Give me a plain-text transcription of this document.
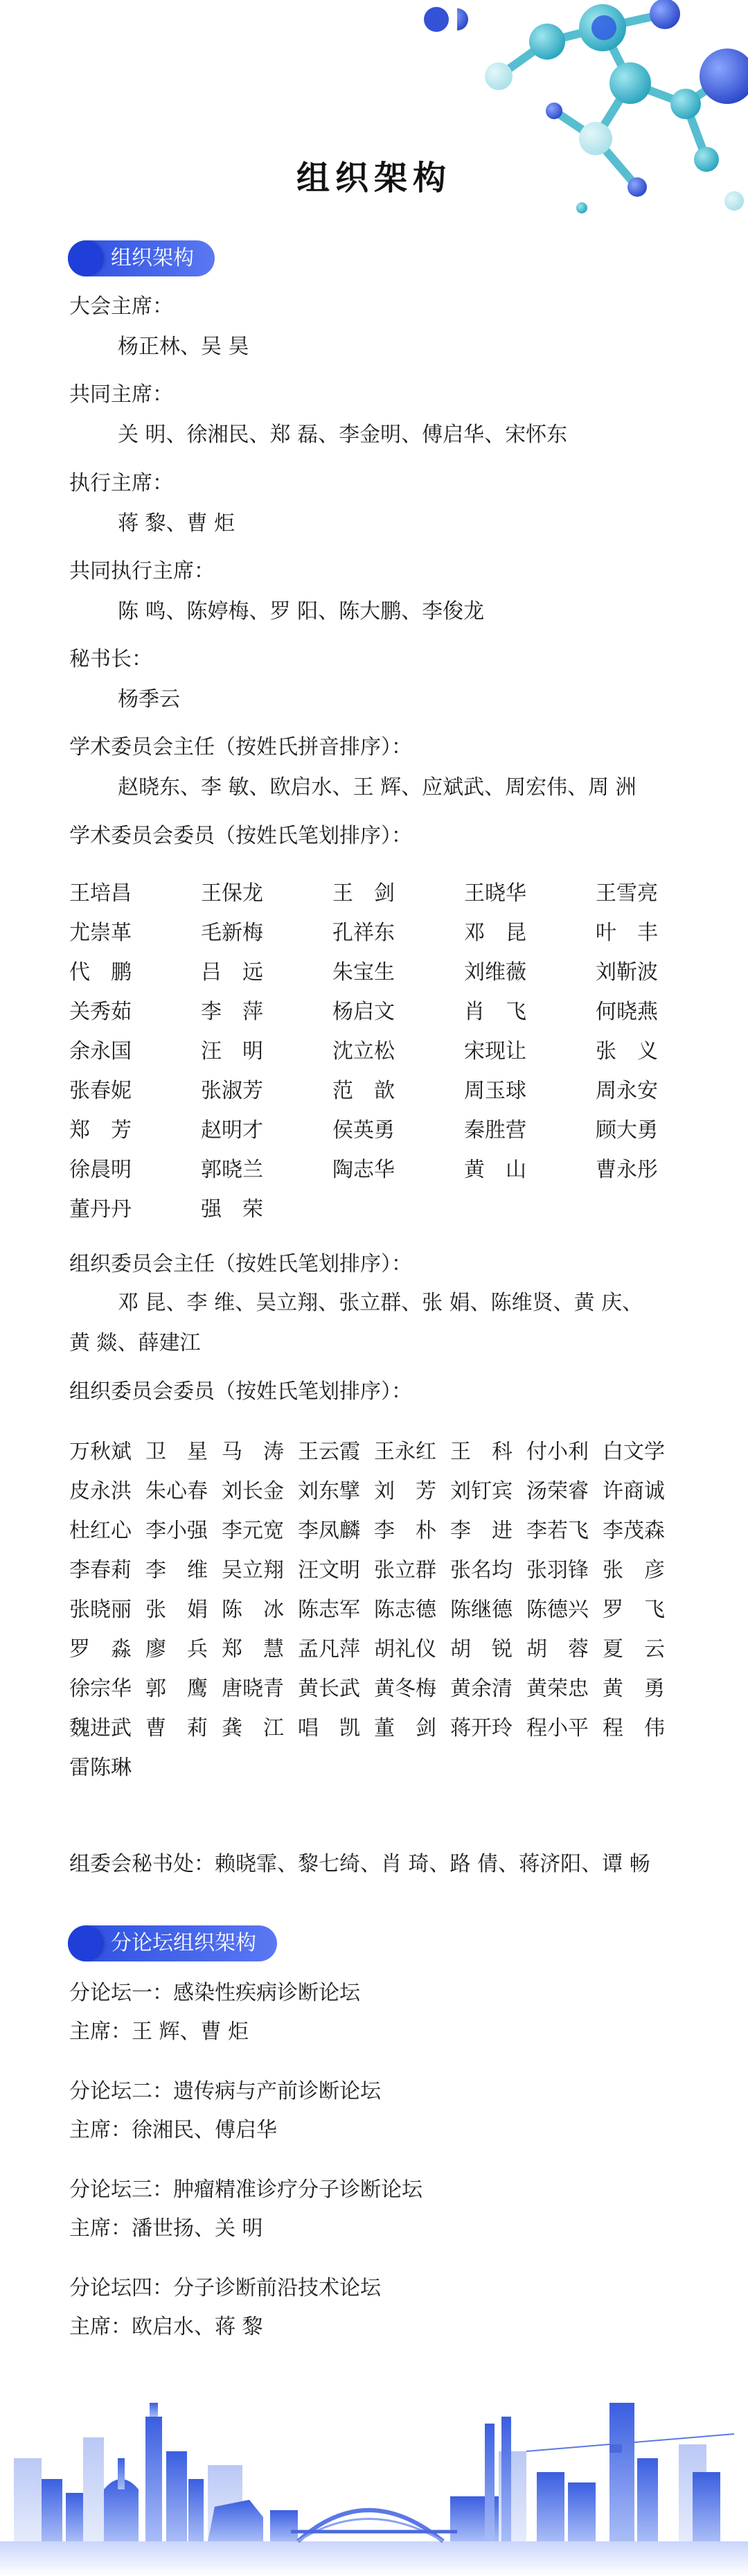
组织架构
组织架构
大会主席：
杨正林、吴 昊
共同主席：
关 明、徐湘民、郑 磊、李金明、傅启华、宋怀东
执行主席：
蒋 黎、曹 炬
共同执行主席：
陈 鸣、陈婷梅、罗 阳、陈大鹏、李俊龙
秘书长：
杨季云
学术委员会主任（按姓氏拼音排序）：
赵晓东、李 敏、欧启水、王 辉、应斌武、周宏伟、周 洲
学术委员会委员（按姓氏笔划排序）：
王培昌	王保龙	王　剑	王晓华	王雪亮
尤崇革	毛新梅	孔祥东	邓　昆	叶　丰
代　鹏	吕　远	朱宝生	刘维薇	刘靳波
关秀茹	李　萍	杨启文	肖　飞	何晓燕
余永国	汪　明	沈立松	宋现让	张　义
张春妮	张淑芳	范　歆	周玉球	周永安
郑　芳	赵明才	侯英勇	秦胜营	顾大勇
徐晨明	郭晓兰	陶志华	黄　山	曹永彤
董丹丹	强　荣
组织委员会主任（按姓氏笔划排序）：
邓 昆、李 维、吴立翔、张立群、张 娟、陈维贤、黄 庆、
黄 燚、薛建江
组织委员会委员（按姓氏笔划排序）：
万秋斌 卫　星 马　涛 王云霞 王永红 王　科 付小利 白文学
皮永洪 朱心春 刘长金 刘东擘 刘　芳 刘钉宾 汤荣睿 许商诚
杜红心 李小强 李元宽 李凤麟 李　朴 李　进 李若飞 李茂森
李春莉 李　维 吴立翔 汪文明 张立群 张名均 张羽锋 张　彦
张晓丽 张　娟 陈　冰 陈志军 陈志德 陈继德 陈德兴 罗　飞
罗　淼 廖　兵 郑　慧 孟凡萍 胡礼仪 胡　锐 胡　蓉 夏　云
徐宗华 郭　鹰 唐晓青 黄长武 黄冬梅 黄余清 黄荣忠 黄　勇
魏进武 曹　莉 龚　江 唱　凯 董　剑 蒋开玲 程小平 程　伟
雷陈琳
组委会秘书处：赖晓霏、黎七绮、肖 琦、路 倩、蒋济阳、谭 畅
分论坛组织架构
分论坛一：感染性疾病诊断论坛
主席：王 辉、曹 炬
分论坛二：遗传病与产前诊断论坛
主席：徐湘民、傅启华
分论坛三：肿瘤精准诊疗分子诊断论坛
主席：潘世扬、关 明
分论坛四：分子诊断前沿技术论坛
主席：欧启水、蒋 黎
